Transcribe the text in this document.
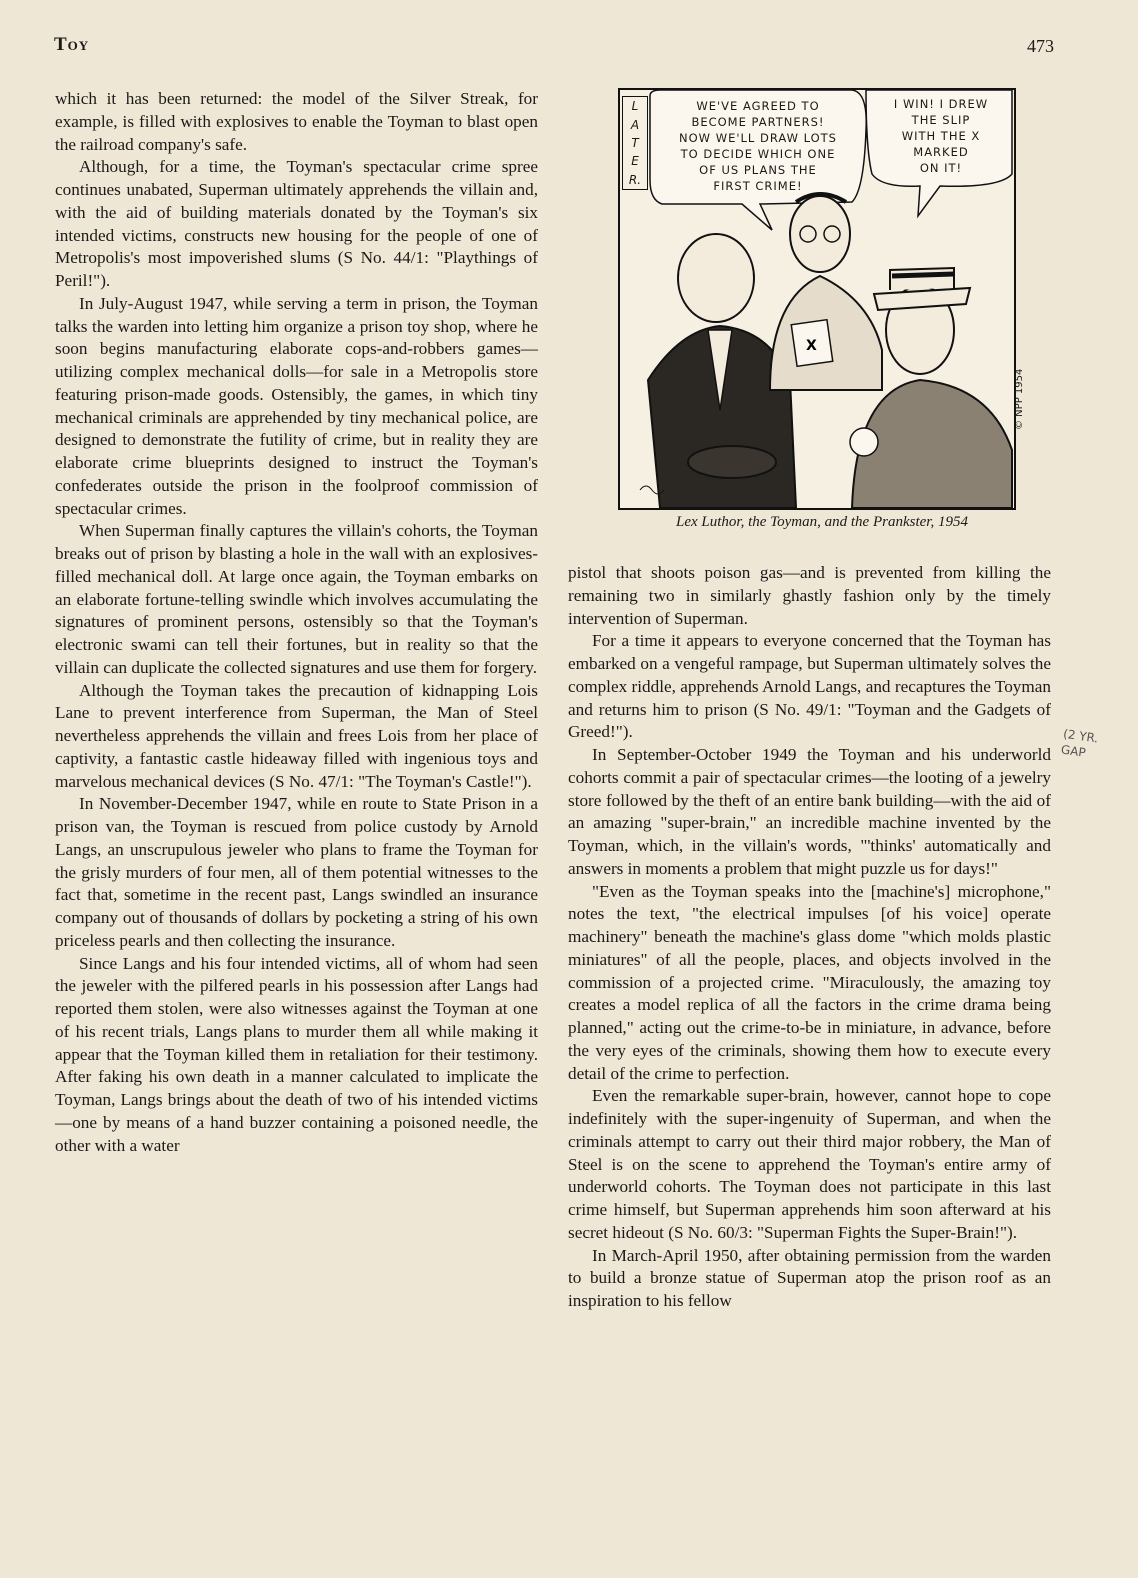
Toy	473

which it has been returned: the model of the Silver Streak, for example, is filled with explosives to enable the Toyman to blast open the railroad company's safe.

Although, for a time, the Toyman's spectacular crime spree continues unabated, Superman ultimately apprehends the villain and, with the aid of building materials donated by the Toyman's six intended victims, constructs new housing for the people of one of Metropolis's most impoverished slums (S No. 44/1: "Playthings of Peril!").

In July-August 1947, while serving a term in prison, the Toyman talks the warden into letting him organize a prison toy shop, where he soon begins manufacturing elaborate cops-and-robbers games—utilizing complex mechanical dolls—for sale in a Metropolis store featuring prison-made goods. Ostensibly, the games, in which tiny mechanical criminals are apprehended by tiny mechanical police, are designed to demonstrate the futility of crime, but in reality they are elaborate crime blueprints designed to instruct the Toyman's confederates outside the prison in the foolproof commission of spectacular crimes.

When Superman finally captures the villain's cohorts, the Toyman breaks out of prison by blasting a hole in the wall with an explosives-filled mechanical doll. At large once again, the Toyman embarks on an elaborate fortune-telling swindle which involves accumulating the signatures of prominent persons, ostensibly so that the Toyman's electronic swami can tell their fortunes, but in reality so that the villain can duplicate the collected signatures and use them for forgery.

Although the Toyman takes the precaution of kidnapping Lois Lane to prevent interference from Superman, the Man of Steel nevertheless apprehends the villain and frees Lois from her place of captivity, a fantastic castle hideaway filled with ingenious toys and marvelous mechanical devices (S No. 47/1: "The Toyman's Castle!").

In November-December 1947, while en route to State Prison in a prison van, the Toyman is rescued from police custody by Arnold Langs, an unscrupulous jeweler who plans to frame the Toyman for the grisly murders of four men, all of them potential witnesses to the fact that, sometime in the recent past, Langs swindled an insurance company out of thousands of dollars by pocketing a string of his own priceless pearls and then collecting the insurance.

Since Langs and his four intended victims, all of whom had seen the jeweler with the pilfered pearls in his possession after Langs had reported them stolen, were also witnesses against the Toyman at one of his recent trials, Langs plans to murder them all while making it appear that the Toyman killed them in retaliation for their testimony. After faking his own death in a manner calculated to implicate the Toyman, Langs brings about the death of two of his intended victims—one by means of a hand buzzer containing a poisoned needle, the other with a water

X
L
A
T
E
R.
WE'VE AGREED TO
BECOME PARTNERS!
NOW WE'LL DRAW LOTS
TO DECIDE WHICH ONE
OF US PLANS THE
FIRST CRIME!
I WIN! I DREW
THE SLIP
WITH THE X
MARKED
ON IT!
© NPP 1954
Lex Luthor, the Toyman, and the Prankster, 1954

pistol that shoots poison gas—and is prevented from killing the remaining two in similarly ghastly fashion only by the timely intervention of Superman.

For a time it appears to everyone concerned that the Toyman has embarked on a vengeful rampage, but Superman ultimately solves the complex riddle, apprehends Arnold Langs, and recaptures the Toyman and returns him to prison (S No. 49/1: "Toyman and the Gadgets of Greed!").

In September-October 1949 the Toyman and his underworld cohorts commit a pair of spectacular crimes—the looting of a jewelry store followed by the theft of an entire bank building—with the aid of an amazing "super-brain," an incredible machine invented by the Toyman, which, in the villain's words, "'thinks' automatically and answers in moments a problem that might puzzle us for days!"

"Even as the Toyman speaks into the [machine's] microphone," notes the text, "the electrical impulses [of his voice] operate machinery" beneath the machine's glass dome "which molds plastic miniatures" of all the people, places, and objects involved in the commission of a projected crime. "Miraculously, the amazing toy creates a model replica of all the factors in the crime drama being planned," acting out the crime-to-be in miniature, in advance, before the very eyes of the criminals, showing them how to execute every detail of the crime to perfection.

Even the remarkable super-brain, however, cannot hope to cope indefinitely with the super-ingenuity of Superman, and when the criminals attempt to carry out their third major robbery, the Man of Steel is on the scene to apprehend the Toyman's entire army of underworld cohorts. The Toyman does not participate in this last crime himself, but Superman apprehends him soon afterward at his secret hideout (S No. 60/3: "Superman Fights the Super-Brain!").

In March-April 1950, after obtaining permission from the warden to build a bronze statue of Superman atop the prison roof as an inspiration to his fellow

(2 YR.
GAP
